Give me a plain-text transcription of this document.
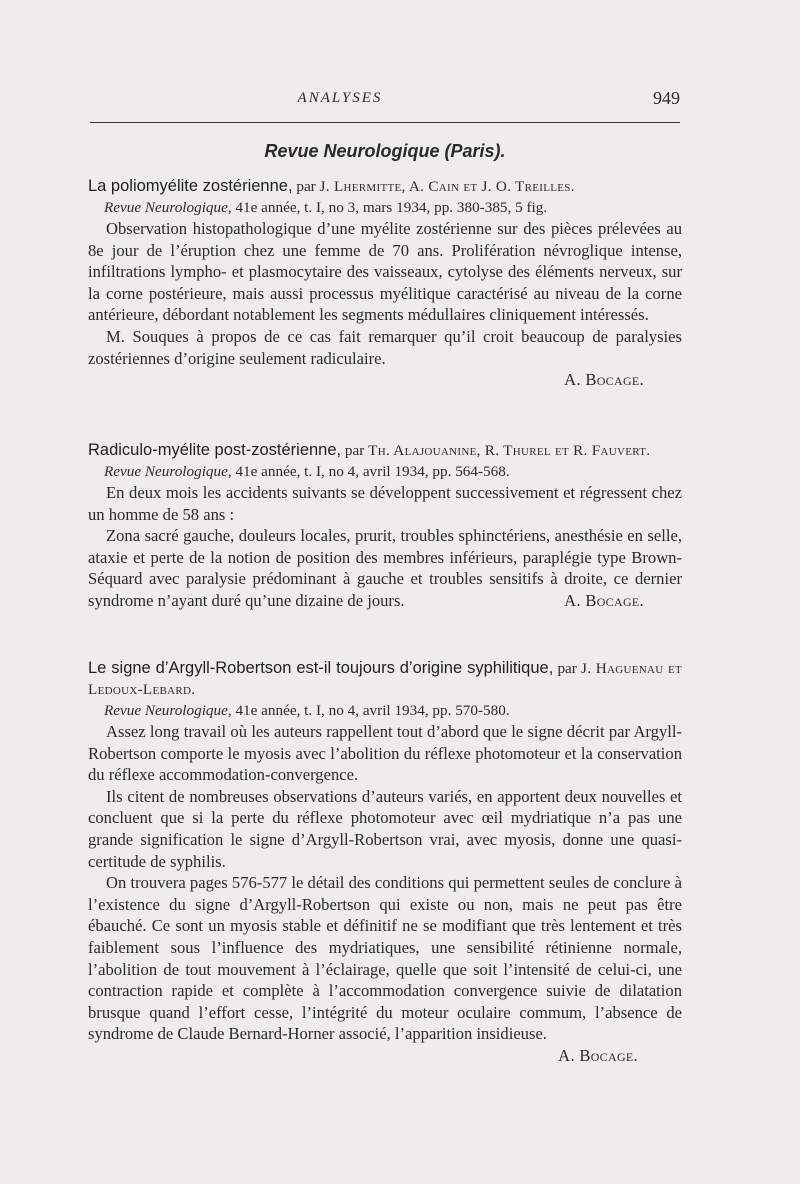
ANALYSES	949
Revue Neurologique (Paris).
La poliomyélite zostérienne, par J. Lhermitte, A. Cain et J. O. Treilles.
Revue Neurologique, 41e année, t. I, no 3, mars 1934, pp. 380-385, 5 fig.

Observation histopathologique d’une myélite zostérienne sur des pièces prélevées au 8e jour de l’éruption chez une femme de 70 ans. Prolifération névroglique intense, infiltrations lympho- et plasmocytaire des vaisseaux, cytolyse des éléments nerveux, sur la corne postérieure, mais aussi processus myélitique caractérisé au niveau de la corne antérieure, débordant notablement les segments médullaires cliniquement intéressés.

M. Souques à propos de ce cas fait remarquer qu’il croit beaucoup de paralysies zostériennes d’origine seulement radiculaire.

A. Bocage.
Radiculo-myélite post-zostérienne, par Th. Alajouanine, R. Thurel et R. Fauvert.
Revue Neurologique, 41e année, t. I, no 4, avril 1934, pp. 564-568.

En deux mois les accidents suivants se développent successivement et régressent chez un homme de 58 ans :

Zona sacré gauche, douleurs locales, prurit, troubles sphinctériens, anesthésie en selle, ataxie et perte de la notion de position des membres inférieurs, paraplégie type Brown-Séquard avec paralysie prédominant à gauche et troubles sensitifs à droite, ce dernier syndrome n’ayant duré qu’une dizaine de jours.	A. Bocage.

Le signe d’Argyll-Robertson est-il toujours d’origine syphilitique, par J. Haguenau et Ledoux-Lebard.
Revue Neurologique, 41e année, t. I, no 4, avril 1934, pp. 570-580.

Assez long travail où les auteurs rappellent tout d’abord que le signe décrit par Argyll-Robertson comporte le myosis avec l’abolition du réflexe photomoteur et la conservation du réflexe accommodation-convergence.

Ils citent de nombreuses observations d’auteurs variés, en apportent deux nouvelles et concluent que si la perte du réflexe photomoteur avec œil mydriatique n’a pas une grande signification le signe d’Argyll-Robertson vrai, avec myosis, donne une quasi-certitude de syphilis.

On trouvera pages 576-577 le détail des conditions qui permettent seules de conclure à l’existence du signe d’Argyll-Robertson qui existe ou non, mais ne peut pas être ébauché. Ce sont un myosis stable et définitif ne se modifiant que très lentement et très faiblement sous l’influence des mydriatiques, une sensibilité rétinienne normale, l’abolition de tout mouvement à l’éclairage, quelle que soit l’intensité de celui-ci, une contraction rapide et complète à l’accommodation convergence suivie de dilatation brusque quand l’effort cesse, l’intégrité du moteur oculaire commum, l’absence de syndrome de Claude Bernard-Horner associé, l’apparition insidieuse.
A. Bocage.
